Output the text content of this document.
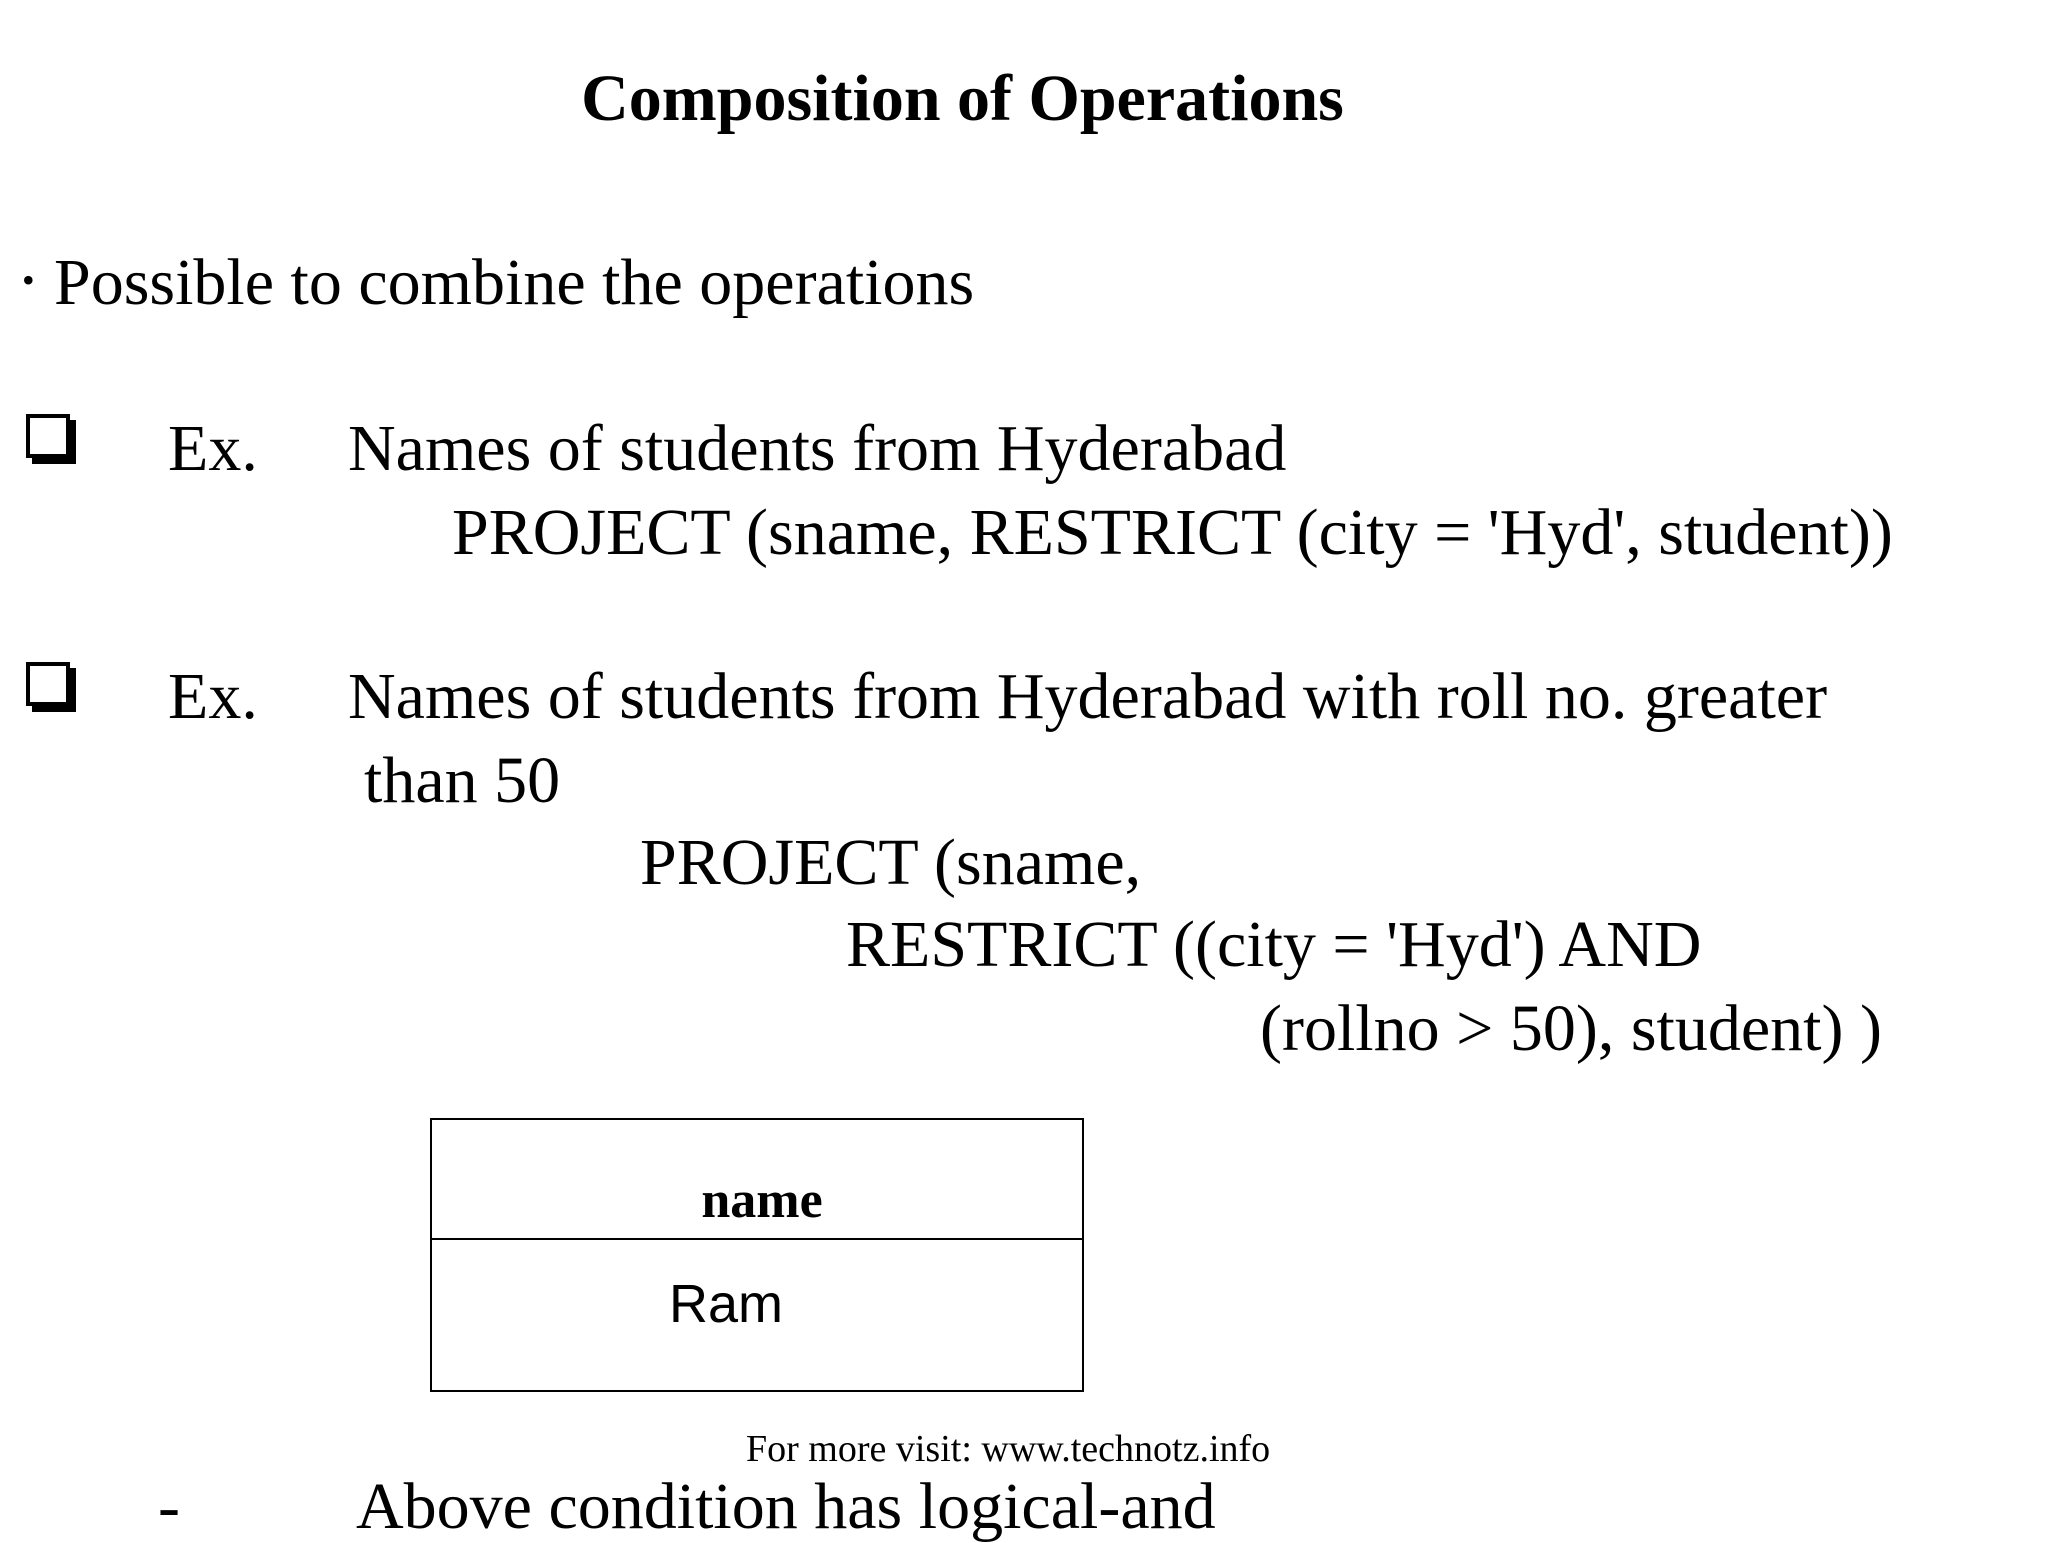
Composition of Operations
• Possible to combine the operations
Ex. Names of students from Hyderabad
PROJECT (sname, RESTRICT (city = 'Hyd', student))
Ex. Names of students from Hyderabad with roll no. greater
than 50
PROJECT (sname,
RESTRICT ((city = 'Hyd') AND
(rollno > 50), student) )
name
Ram
For more visit: www.technotz.info
-	Above condition has logical-and
